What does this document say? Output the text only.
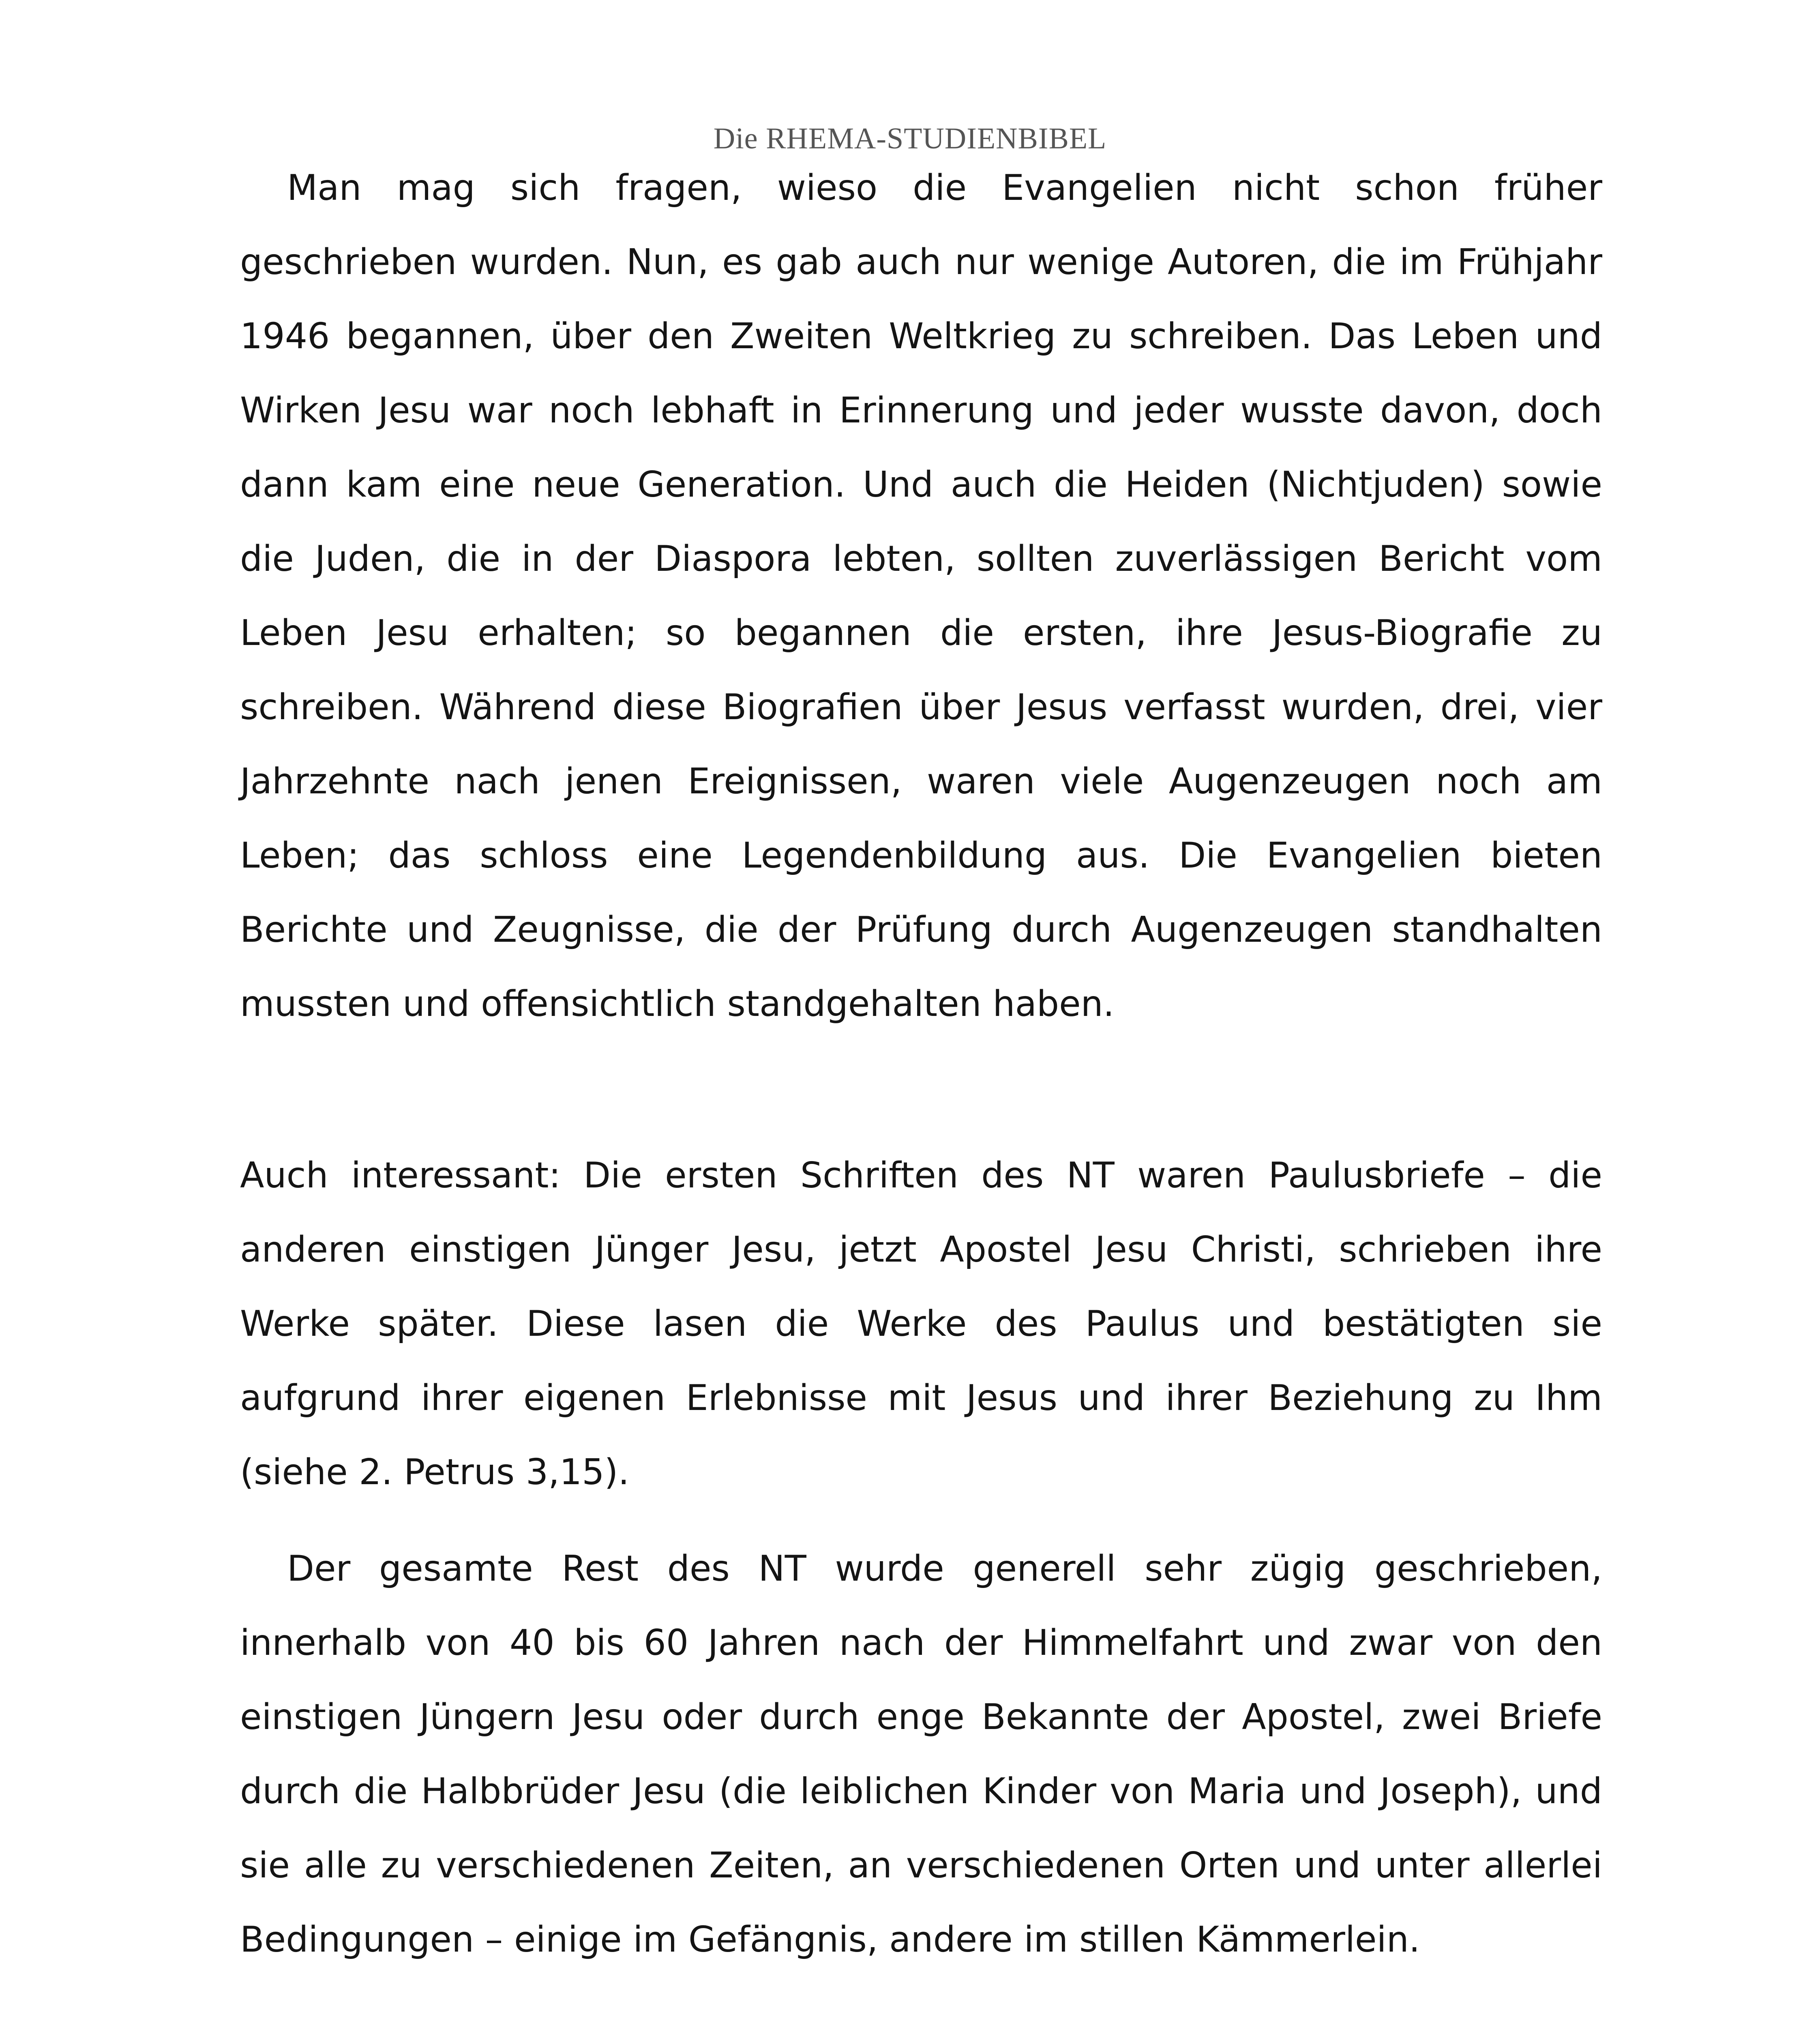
Die RHEMA-STUDIENBIBEL

Man mag sich fragen, wieso die Evangelien nicht schon früher geschrieben wurden. Nun, es gab auch nur wenige Autoren, die im Frühjahr 1946 begannen, über den Zweiten Weltkrieg zu schreiben. Das Leben und Wirken Jesu war noch lebhaft in Erinnerung und jeder wusste davon, doch dann kam eine neue Generation. Und auch die Heiden (Nichtjuden) sowie die Juden, die in der Diaspora lebten, sollten zuverlässigen Bericht vom Leben Jesu erhalten; so begannen die ersten, ihre Jesus-Biografie zu schreiben. Während diese Biografien über Jesus verfasst wurden, drei, vier Jahrzehnte nach jenen Ereignissen, waren viele Augenzeugen noch am Leben; das schloss eine Legendenbildung aus. Die Evangelien bieten Berichte und Zeugnisse, die der Prüfung durch Augenzeugen standhalten mussten und offensichtlich standgehalten haben.

Auch interessant: Die ersten Schriften des NT waren Paulusbriefe – die anderen einstigen Jünger Jesu, jetzt Apostel Jesu Christi, schrieben ihre Werke später. Diese lasen die Werke des Paulus und bestätigten sie aufgrund ihrer eigenen Erlebnisse mit Jesus und ihrer Beziehung zu Ihm (siehe 2. Petrus 3,15).

Der gesamte Rest des NT wurde generell sehr zügig geschrieben, innerhalb von 40 bis 60 Jahren nach der Himmelfahrt und zwar von den einstigen Jüngern Jesu oder durch enge Bekannte der Apostel, zwei Briefe durch die Halbbrüder Jesu (die leiblichen Kinder von Maria und Joseph), und sie alle zu verschiedenen Zeiten, an verschiedenen Orten und unter allerlei Bedingungen – einige im Gefängnis, andere im stillen Kämmerlein.
